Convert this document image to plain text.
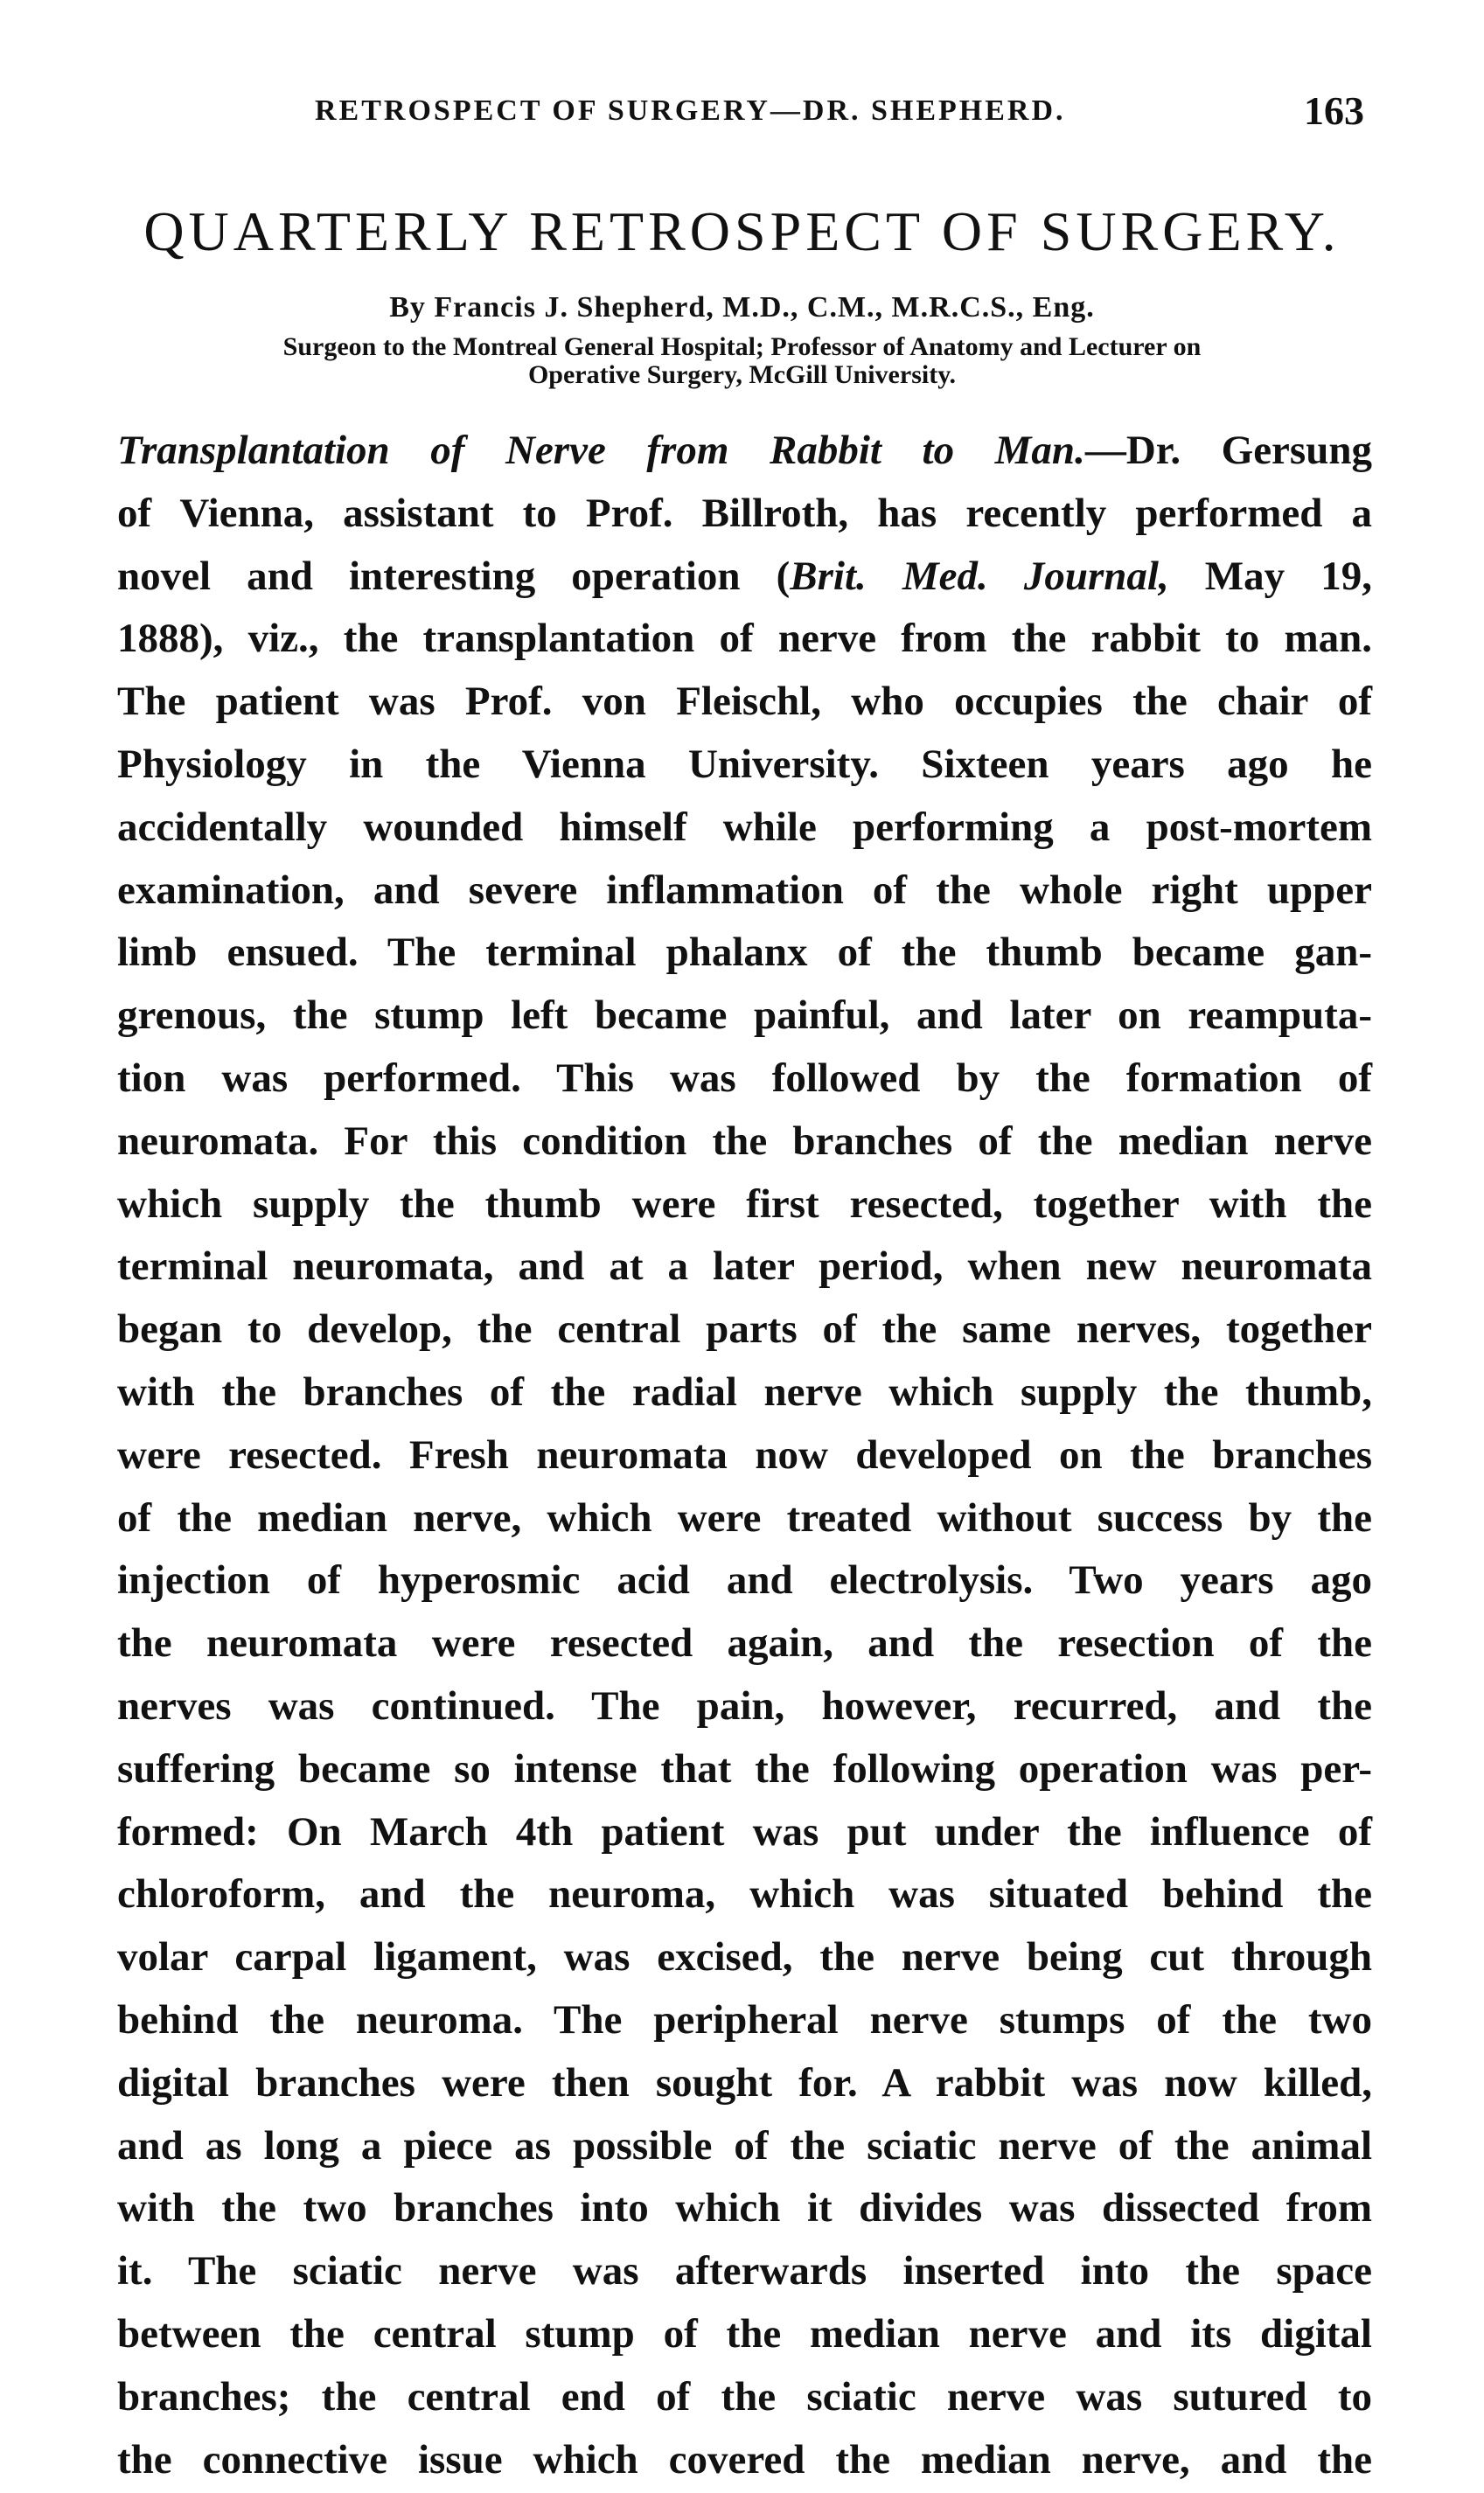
RETROSPECT OF SURGERY—DR. SHEPHERD.	163
QUARTERLY RETROSPECT OF SURGERY.
By Francis J. Shepherd, M.D., C.M., M.R.C.S., Eng.
Surgeon to the Montreal General Hospital; Professor of Anatomy and Lecturer on
Operative Surgery, McGill University.
Transplantation of Nerve from Rabbit to Man.—Dr. Gersung
of Vienna, assistant to Prof. Billroth, has recently performed a
novel and interesting operation (Brit. Med. Journal, May 19,
1888), viz., the transplantation of nerve from the rabbit to man.
The patient was Prof. von Fleischl, who occupies the chair of
Physiology in the Vienna University. Sixteen years ago he
accidentally wounded himself while performing a post-mortem
examination, and severe inflammation of the whole right upper
limb ensued. The terminal phalanx of the thumb became gan-
grenous, the stump left became painful, and later on reamputa-
tion was performed. This was followed by the formation of
neuromata. For this condition the branches of the median nerve
which supply the thumb were first resected, together with the
terminal neuromata, and at a later period, when new neuromata
began to develop, the central parts of the same nerves, together
with the branches of the radial nerve which supply the thumb,
were resected. Fresh neuromata now developed on the branches
of the median nerve, which were treated without success by the
injection of hyperosmic acid and electrolysis. Two years ago
the neuromata were resected again, and the resection of the
nerves was continued. The pain, however, recurred, and the
suffering became so intense that the following operation was per-
formed: On March 4th patient was put under the influence of
chloroform, and the neuroma, which was situated behind the
volar carpal ligament, was excised, the nerve being cut through
behind the neuroma. The peripheral nerve stumps of the two
digital branches were then sought for. A rabbit was now killed,
and as long a piece as possible of the sciatic nerve of the animal
with the two branches into which it divides was dissected from
it. The sciatic nerve was afterwards inserted into the space
between the central stump of the median nerve and its digital
branches; the central end of the sciatic nerve was sutured to
the connective issue which covered the median nerve, and the
